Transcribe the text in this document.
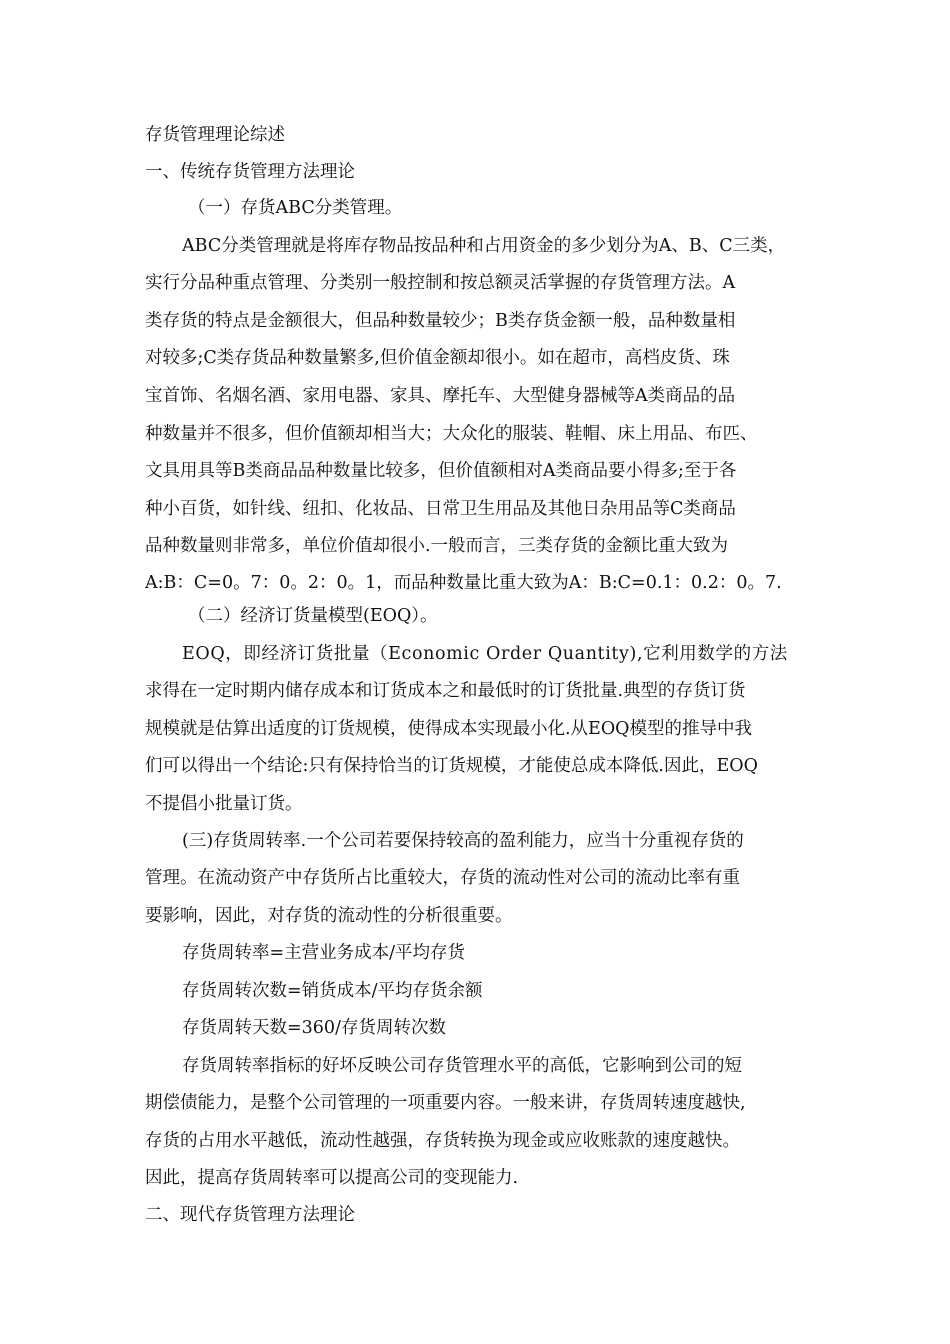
存货管理理论综述
一、传统存货管理方法理论
（一）存货ABC分类管理。
ABC分类管理就是将库存物品按品种和占用资金的多少划分为A、B、C三类，
实行分品种重点管理、分类别一般控制和按总额灵活掌握的存货管理方法。A
类存货的特点是金额很大，但品种数量较少；B类存货金额一般，品种数量相
对较多;C类存货品种数量繁多,但价值金额却很小。如在超市，高档皮货、珠
宝首饰、名烟名酒、家用电器、家具、摩托车、大型健身器械等A类商品的品
种数量并不很多，但价值额却相当大；大众化的服装、鞋帽、床上用品、布匹、
文具用具等B类商品品种数量比较多，但价值额相对A类商品要小得多;至于各
种小百货，如针线、纽扣、化妆品、日常卫生用品及其他日杂用品等C类商品
品种数量则非常多，单位价值却很小.一般而言，三类存货的金额比重大致为
A:B：C=0。7：0。2：0。1，而品种数量比重大致为A：B:C=0.1：0.2：0。7.
（二）经济订货量模型(EOQ）。
EOQ，即经济订货批量（Economic Order Quantity),它利用数学的方法
求得在一定时期内储存成本和订货成本之和最低时的订货批量.典型的存货订货
规模就是估算出适度的订货规模，使得成本实现最小化.从EOQ模型的推导中我
们可以得出一个结论:只有保持恰当的订货规模，才能使总成本降低.因此，EOQ
不提倡小批量订货。
(三)存货周转率.一个公司若要保持较高的盈利能力，应当十分重视存货的
管理。在流动资产中存货所占比重较大，存货的流动性对公司的流动比率有重
要影响，因此，对存货的流动性的分析很重要。
存货周转率=主营业务成本/平均存货
存货周转次数=销货成本/平均存货余额
存货周转天数=360/存货周转次数
存货周转率指标的好坏反映公司存货管理水平的高低，它影响到公司的短
期偿债能力，是整个公司管理的一项重要内容。一般来讲，存货周转速度越快,
存货的占用水平越低，流动性越强，存货转换为现金或应收账款的速度越快。
因此，提高存货周转率可以提高公司的变现能力.
二、现代存货管理方法理论
